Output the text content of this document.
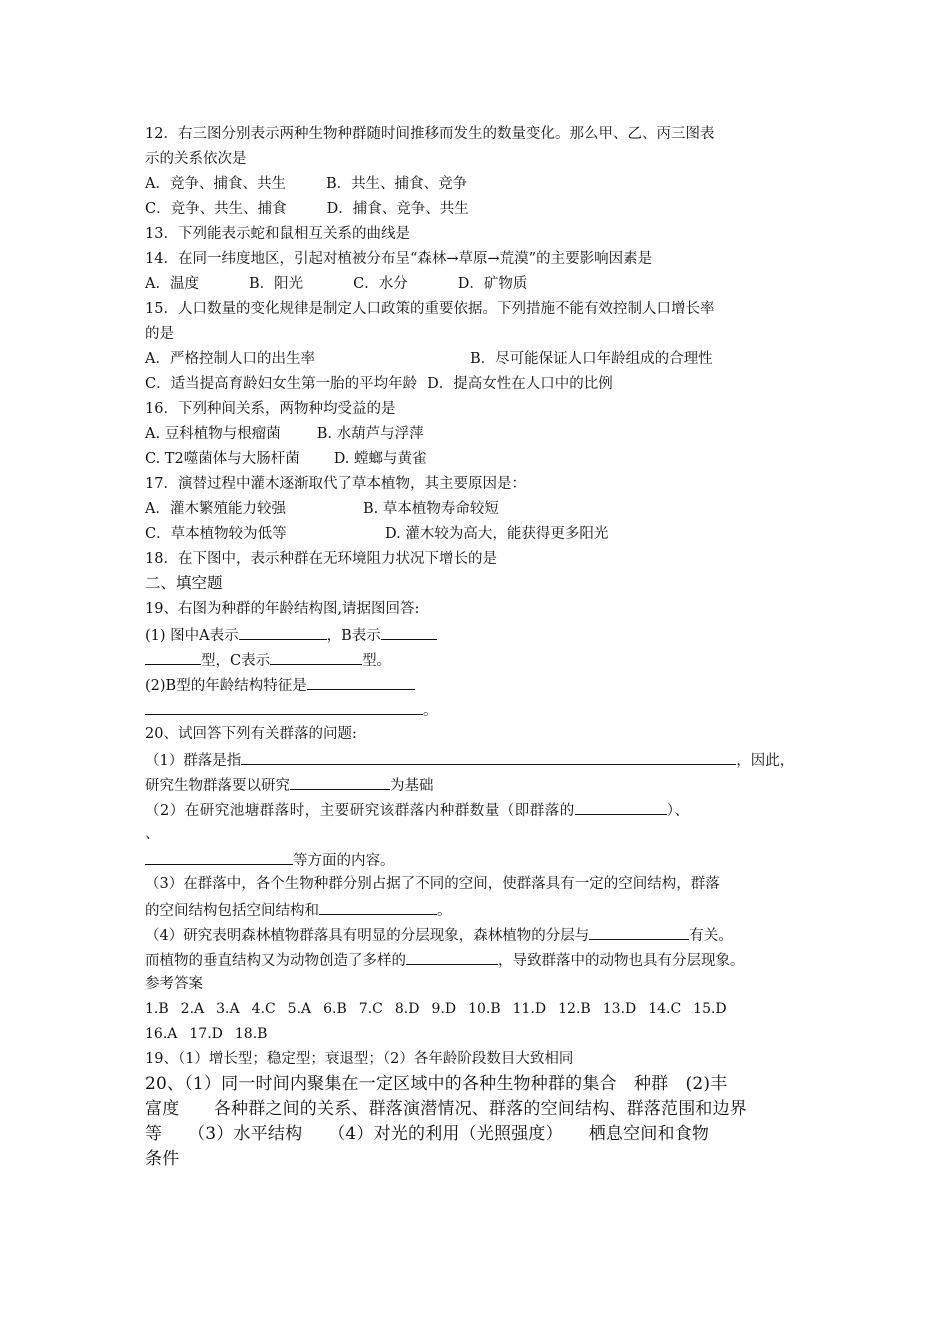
12．右三图分别表示两种生物种群随时间推移而发生的数量变化。那么甲、乙、丙三图表
示的关系依次是
A．竞争、捕食、共生	B．共生、捕食、竞争
C．竞争、共生、捕食	D．捕食、竞争、共生
13．下列能表示蛇和鼠相互关系的曲线是
14．在同一纬度地区，引起对植被分布呈“森林→草原→荒漠”的主要影响因素是
A．温度	B．阳光	C．水分	D．矿物质
15．人口数量的变化规律是制定人口政策的重要依据。下列措施不能有效控制人口增长率
的是
A．严格控制人口的出生率	B．尽可能保证人口年龄组成的合理性
C．适当提高育龄妇女生第一胎的平均年龄 D．提高女性在人口中的比例
16．下列种间关系，两物种均受益的是
A. 豆科植物与根瘤菌 B. 水葫芦与浮萍
C. T2噬菌体与大肠杆菌 D. 螳螂与黄雀
17．演替过程中灌木逐渐取代了草本植物，其主要原因是：
A．灌木繁殖能力较强	B. 草本植物寿命较短
C．草本植物较为低等	D. 灌木较为高大，能获得更多阳光
18．在下图中，表示种群在无环境阻力状况下增长的是
二、填空题
19、右图为种群的年龄结构图,请据图回答:
(1) 图中A表示	，B表示
型，C表示	型。
(2)B型的年龄结构特征是
。
20、试回答下列有关群落的问题:
（1）群落是指	，因此，
研究生物群落要以研究	为基础
（2）在研究池塘群落时，主要研究该群落内种群数量（即群落的	）、
、
等方面的内容。
（3）在群落中，各个生物种群分别占据了不同的空间，使群落具有一定的空间结构，群落
的空间结构包括空间结构和	。
（4）研究表明森林植物群落具有明显的分层现象，森林植物的分层与	有关。
而植物的垂直结构又为动物创造了多样的	，导致群落中的动物也具有分层现象。
参考答案
1.B 2.A 3.A 4.C 5.A 6.B 7.C 8.D 9.D 10.B 11.D 12.B 13.D 14.C 15.D
16.A 17.D 18.B
19、（1）增长型；稳定型；衰退型；（2）各年龄阶段数目大致相同
20、（1）同一时间内聚集在一定区域中的各种生物种群的集合　种群　(2)丰
富度　　各种群之间的关系、群落演潜情况、群落的空间结构、群落范围和边界
等　　（3）水平结构　　（4）对光的利用（光照强度）　　栖息空间和食物
条件
